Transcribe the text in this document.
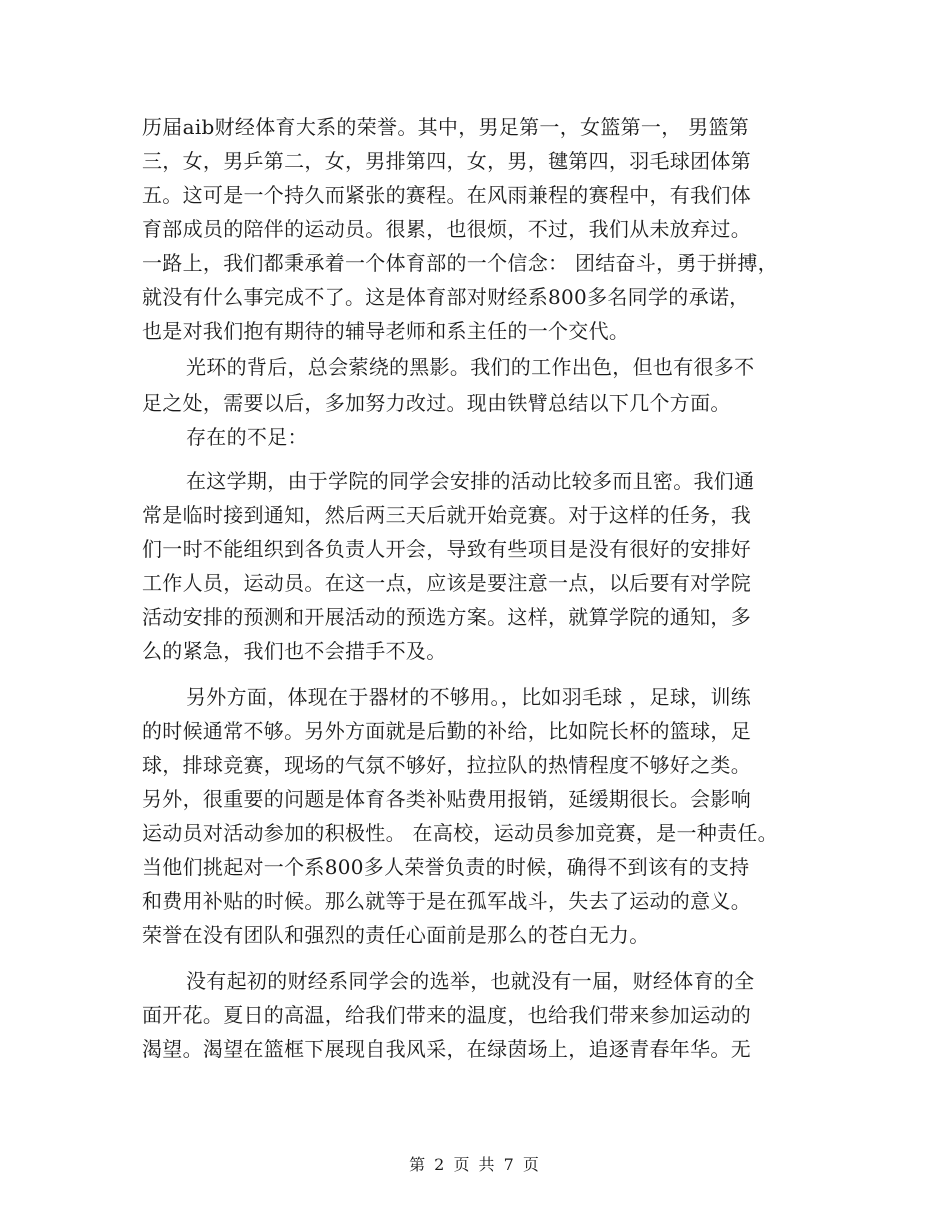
历届aib财经体育大系的荣誉。其中，男足第一，女篮第一， 男篮第
三，女，男乒第二，女，男排第四，女，男，毽第四，羽毛球团体第
五。这可是一个持久而紧张的赛程。在风雨兼程的赛程中，有我们体
育部成员的陪伴的运动员。很累，也很烦，不过，我们从未放弃过。
一路上，我们都秉承着一个体育部的一个信念： 团结奋斗，勇于拼搏，
就没有什么事完成不了。这是体育部对财经系800多名同学的承诺，
也是对我们抱有期待的辅导老师和系主任的一个交代。
光环的背后，总会萦绕的黑影。我们的工作出色，但也有很多不
足之处，需要以后，多加努力改过。现由铁臂总结以下几个方面。
存在的不足：
在这学期，由于学院的同学会安排的活动比较多而且密。我们通
常是临时接到通知，然后两三天后就开始竞赛。对于这样的任务，我
们一时不能组织到各负责人开会，导致有些项目是没有很好的安排好
工作人员，运动员。在这一点，应该是要注意一点，以后要有对学院
活动安排的预测和开展活动的预选方案。这样，就算学院的通知，多
么的紧急，我们也不会措手不及。
另外方面，体现在于器材的不够用。，比如羽毛球 ，足球，训练
的时候通常不够。另外方面就是后勤的补给，比如院长杯的篮球，足
球，排球竞赛，现场的气氛不够好，拉拉队的热情程度不够好之类。
另外，很重要的问题是体育各类补贴费用报销，延缓期很长。会影响
运动员对活动参加的积极性。 在高校，运动员参加竞赛，是一种责任。
当他们挑起对一个系800多人荣誉负责的时候，确得不到该有的支持
和费用补贴的时候。那么就等于是在孤军战斗，失去了运动的意义。
荣誉在没有团队和强烈的责任心面前是那么的苍白无力。
没有起初的财经系同学会的选举，也就没有一届，财经体育的全
面开花。夏日的高温，给我们带来的温度，也给我们带来参加运动的
渴望。渴望在篮框下展现自我风采，在绿茵场上，追逐青春年华。无
第 2 页 共 7 页
